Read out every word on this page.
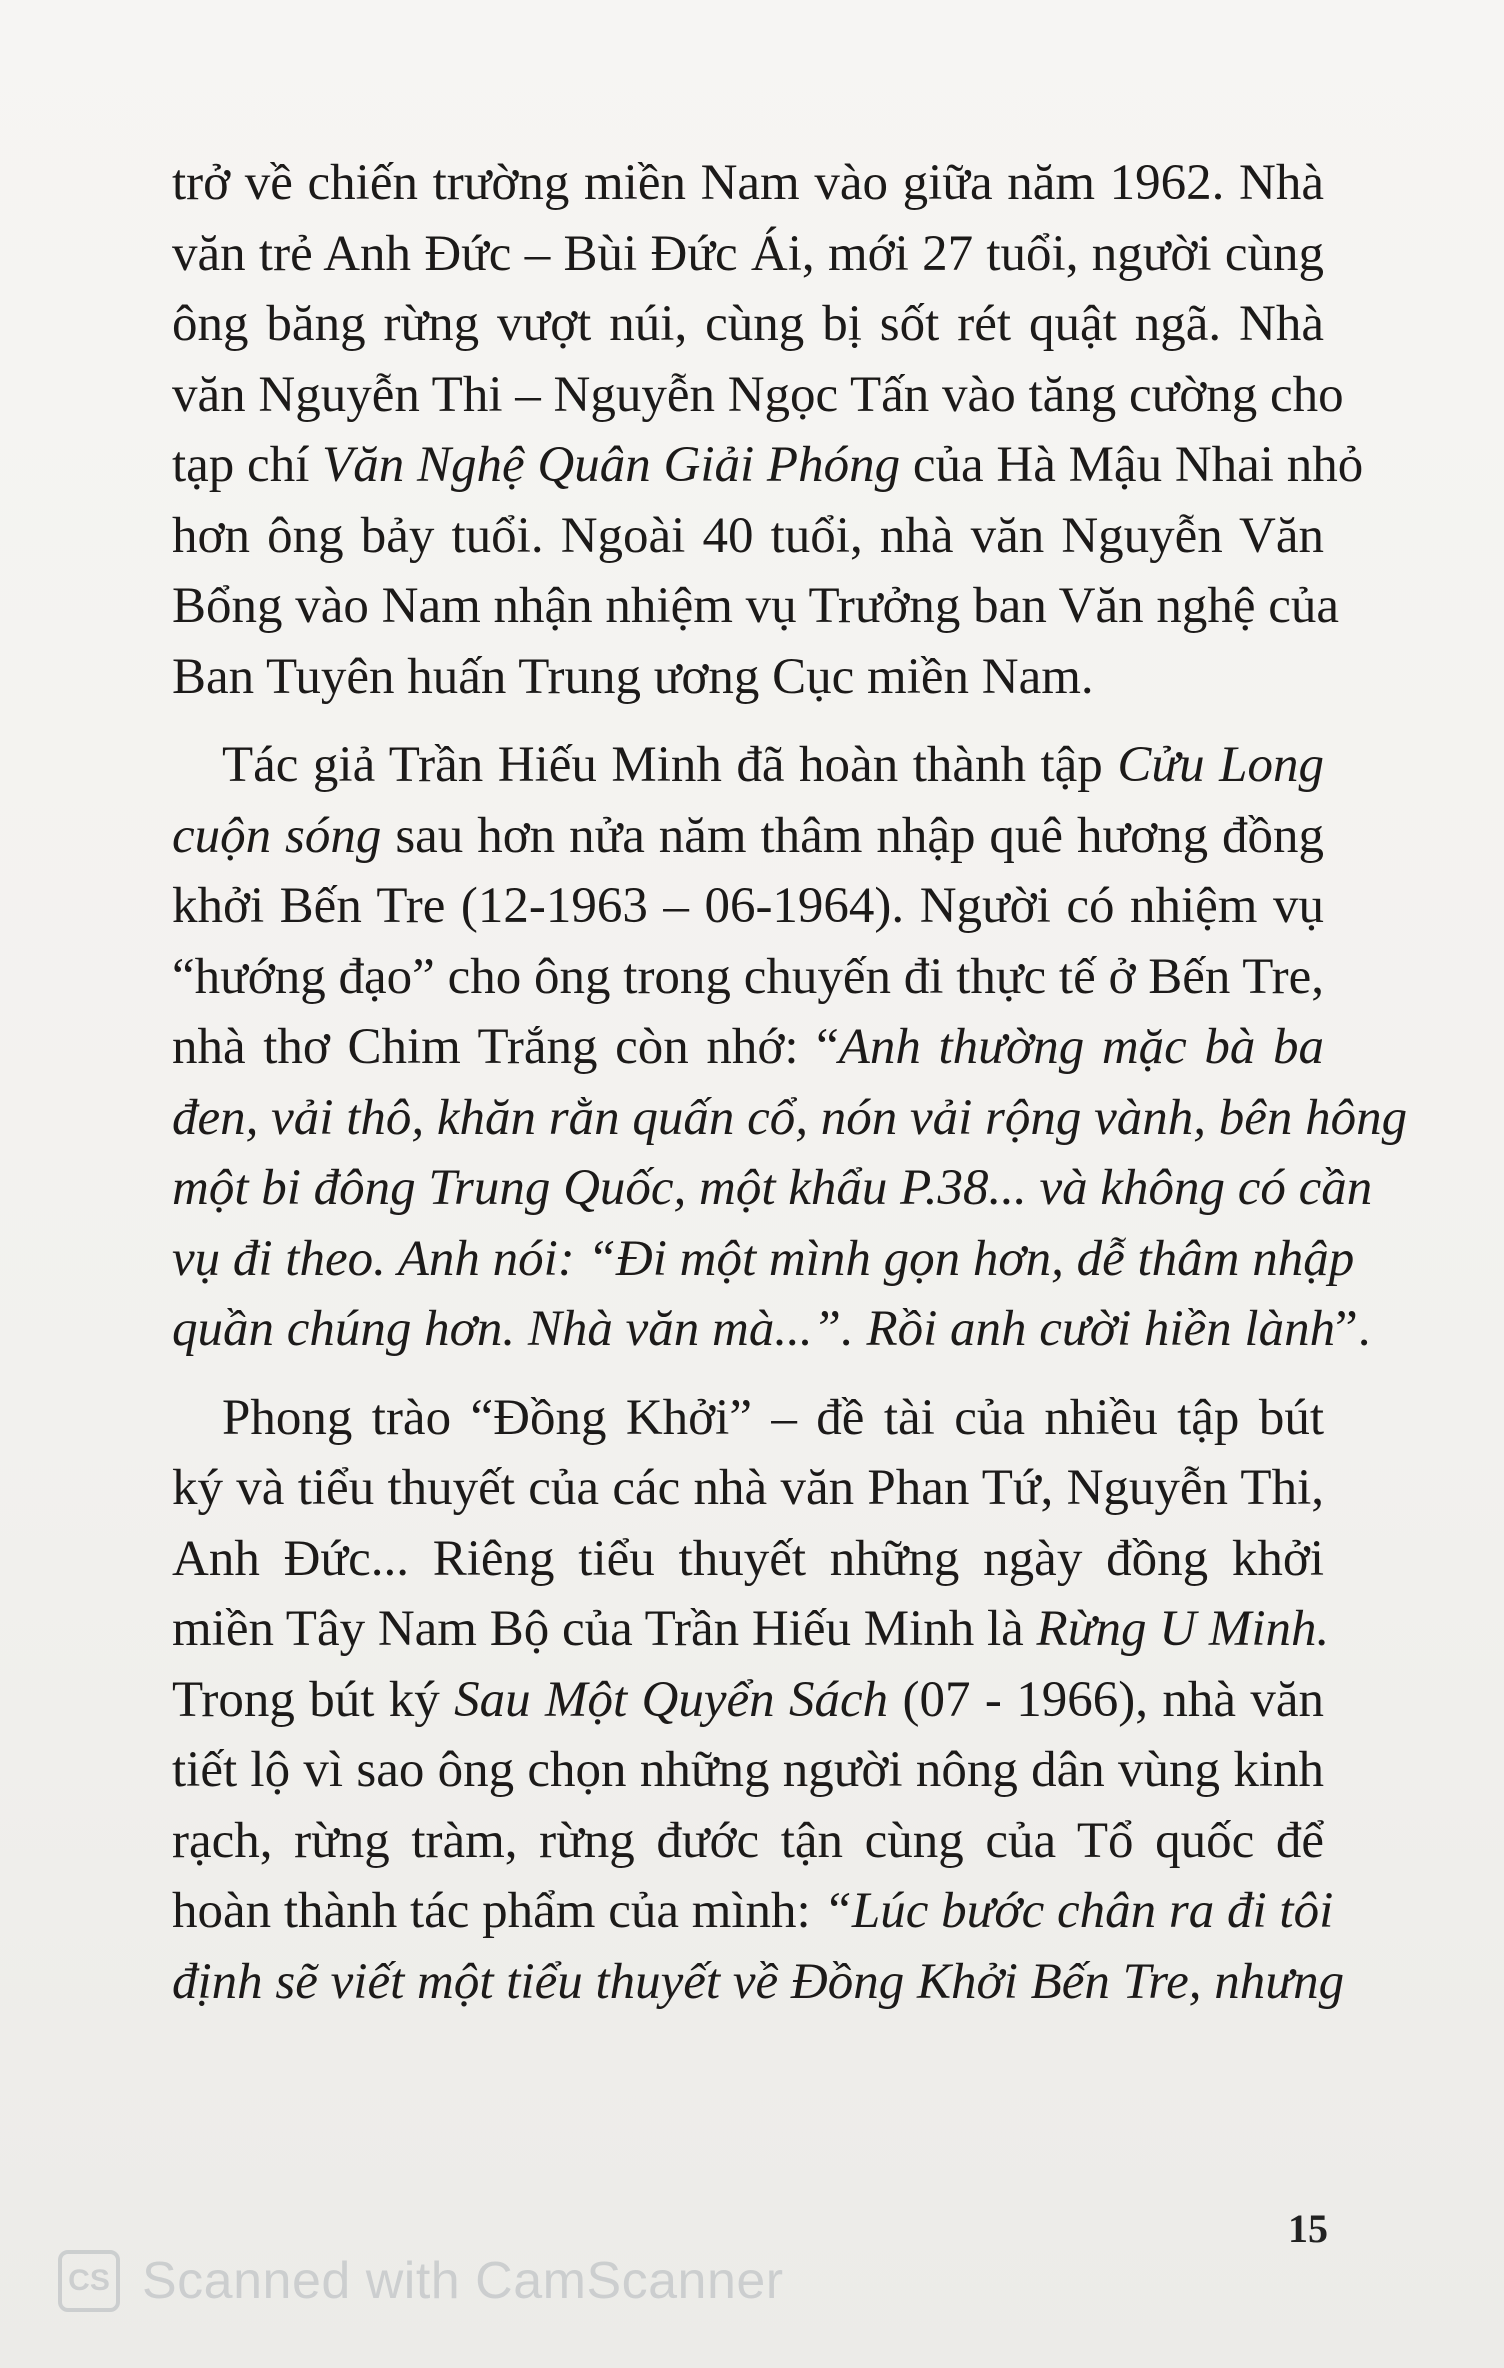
trở về chiến trường miền Nam vào giữa năm 1962. Nhà
văn trẻ Anh Đức – Bùi Đức Ái, mới 27 tuổi, người cùng
ông băng rừng vượt núi, cùng bị sốt rét quật ngã. Nhà
văn Nguyễn Thi – Nguyễn Ngọc Tấn vào tăng cường cho
tạp chí Văn Nghệ Quân Giải Phóng của Hà Mậu Nhai nhỏ
hơn ông bảy tuổi. Ngoài 40 tuổi, nhà văn Nguyễn Văn
Bổng vào Nam nhận nhiệm vụ Trưởng ban Văn nghệ của
Ban Tuyên huấn Trung ương Cục miền Nam.
Tác giả Trần Hiếu Minh đã hoàn thành tập Cửu Long
cuộn sóng sau hơn nửa năm thâm nhập quê hương đồng
khởi Bến Tre (12-1963 – 06-1964). Người có nhiệm vụ
“hướng đạo” cho ông trong chuyến đi thực tế ở Bến Tre,
nhà thơ Chim Trắng còn nhớ: “Anh thường mặc bà ba
đen, vải thô, khăn rằn quấn cổ, nón vải rộng vành, bên hông
một bi đông Trung Quốc, một khẩu P.38... và không có cần
vụ đi theo. Anh nói: “Đi một mình gọn hơn, dễ thâm nhập
quần chúng hơn. Nhà văn mà...”. Rồi anh cười hiền lành”.
Phong trào “Đồng Khởi” – đề tài của nhiều tập bút
ký và tiểu thuyết của các nhà văn Phan Tứ, Nguyễn Thi,
Anh Đức... Riêng tiểu thuyết những ngày đồng khởi
miền Tây Nam Bộ của Trần Hiếu Minh là Rừng U Minh.
Trong bút ký Sau Một Quyển Sách (07 - 1966), nhà văn
tiết lộ vì sao ông chọn những người nông dân vùng kinh
rạch, rừng tràm, rừng đước tận cùng của Tổ quốc để
hoàn thành tác phẩm của mình: “Lúc bước chân ra đi tôi
định sẽ viết một tiểu thuyết về Đồng Khởi Bến Tre, nhưng
15
CS Scanned with CamScanner
